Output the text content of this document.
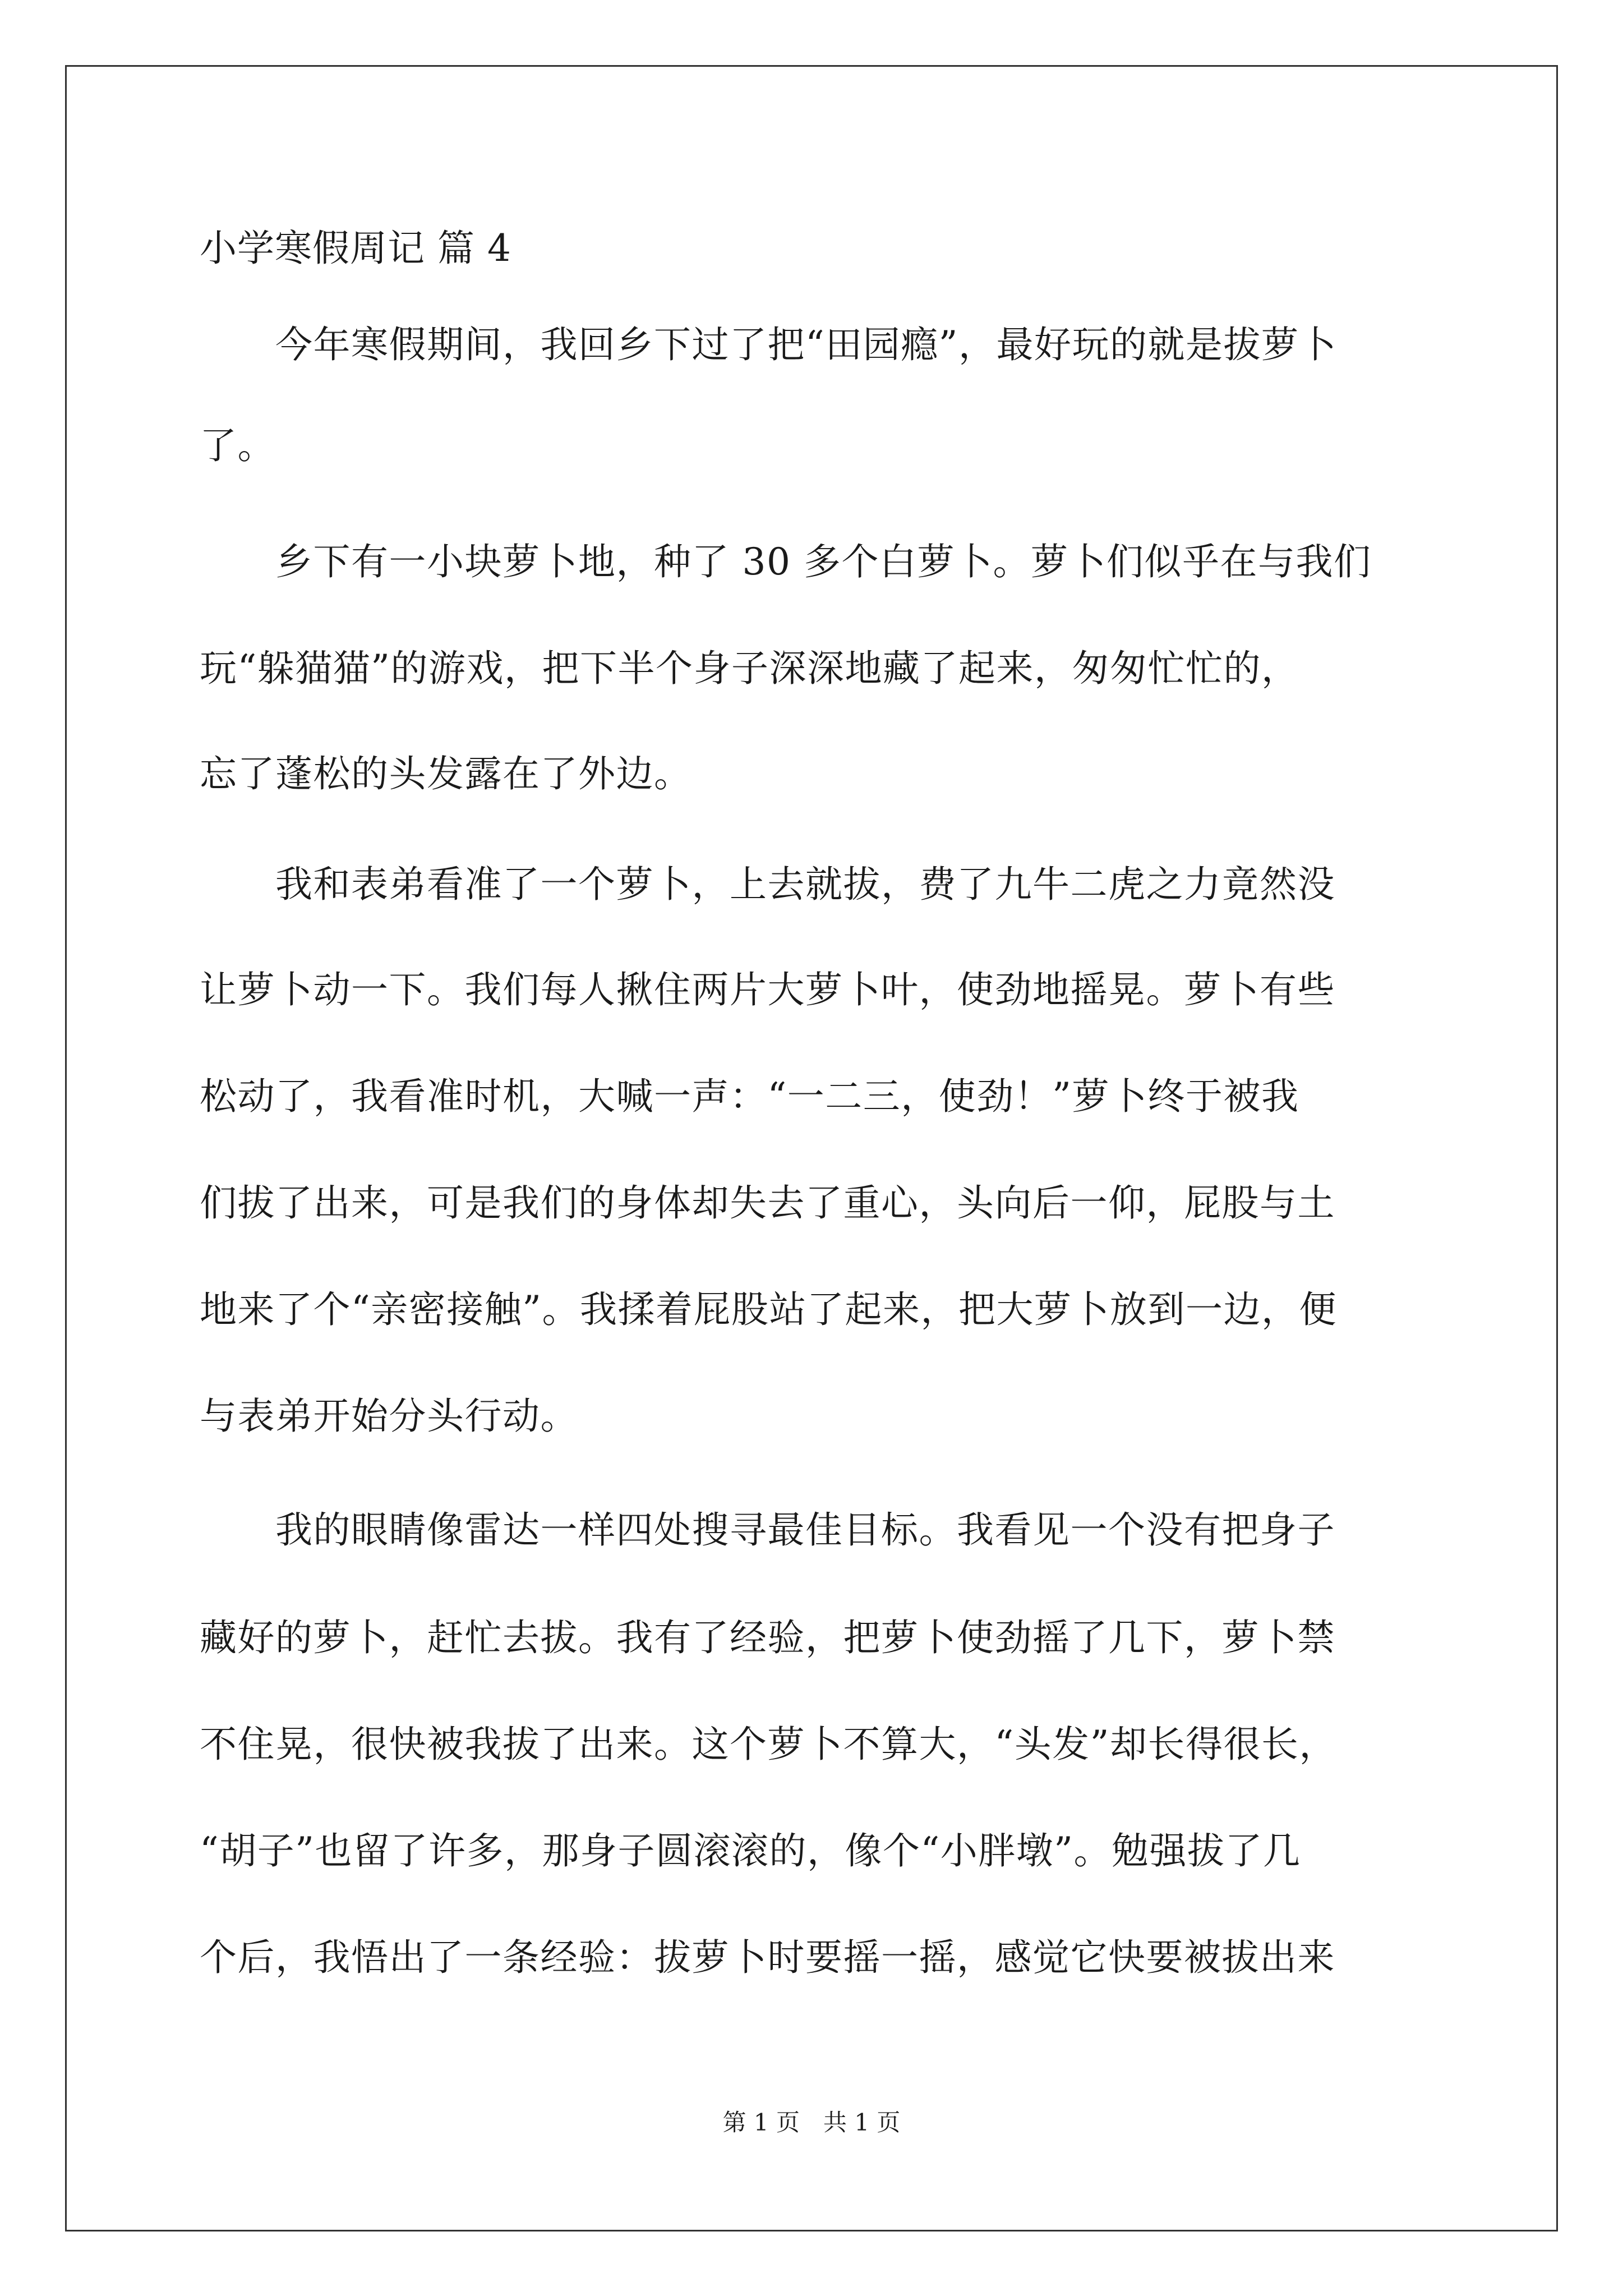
小学寒假周记 篇 4

　　今年寒假期间，我回乡下过了把“田园瘾”，最好玩的就是拔萝卜

了。

　　乡下有一小块萝卜地，种了 30 多个白萝卜。萝卜们似乎在与我们

玩“躲猫猫”的游戏，把下半个身子深深地藏了起来，匆匆忙忙的，

忘了蓬松的头发露在了外边。

　　我和表弟看准了一个萝卜，上去就拔，费了九牛二虎之力竟然没

让萝卜动一下。我们每人揪住两片大萝卜叶，使劲地摇晃。萝卜有些

松动了，我看准时机，大喊一声：“一二三，使劲！”萝卜终于被我

们拔了出来，可是我们的身体却失去了重心，头向后一仰，屁股与土

地来了个“亲密接触”。我揉着屁股站了起来，把大萝卜放到一边，便

与表弟开始分头行动。

　　我的眼睛像雷达一样四处搜寻最佳目标。我看见一个没有把身子

藏好的萝卜，赶忙去拔。我有了经验，把萝卜使劲摇了几下，萝卜禁

不住晃，很快被我拔了出来。这个萝卜不算大，“头发”却长得很长，

“胡子”也留了许多，那身子圆滚滚的，像个“小胖墩”。勉强拔了几

个后，我悟出了一条经验：拔萝卜时要摇一摇，感觉它快要被拔出来

第 1 页　共 1 页
